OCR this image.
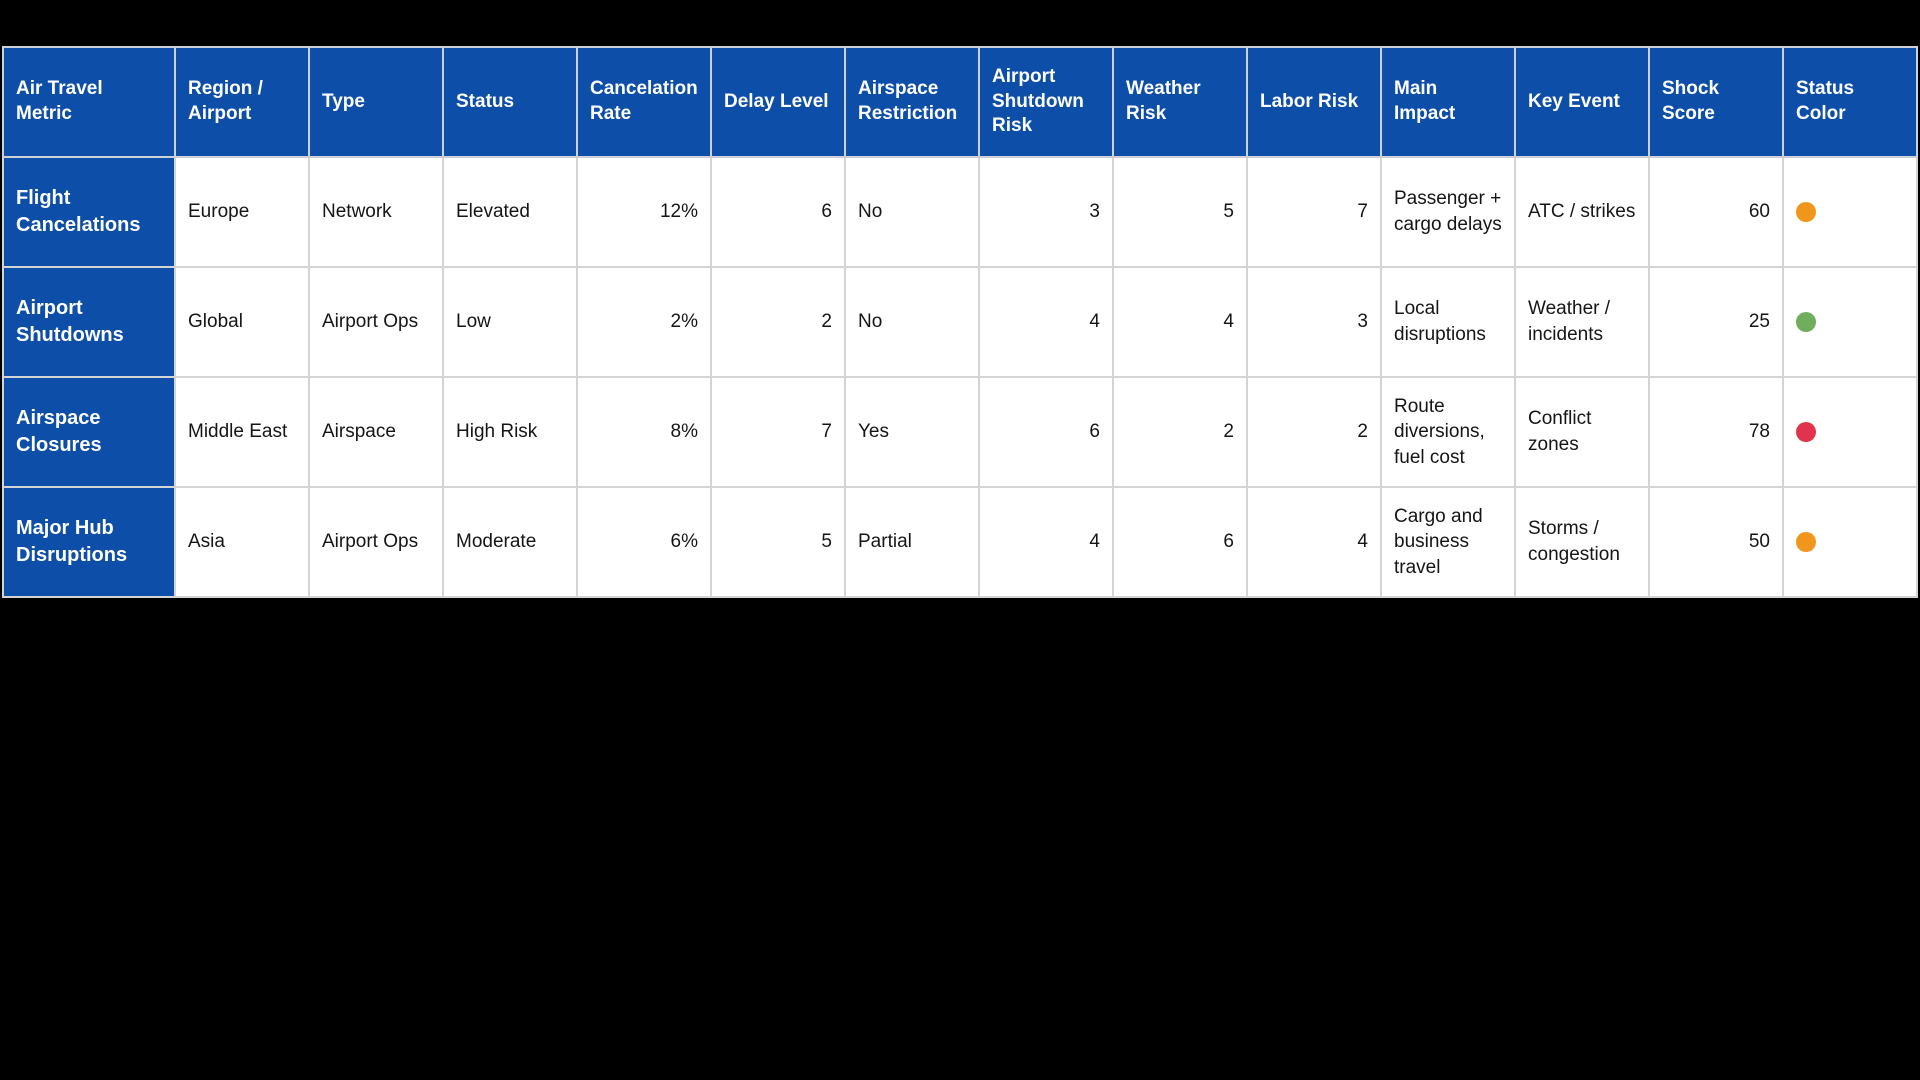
Air Travel Metric	Region / Airport	Type	Status	Cancelation Rate	Delay Level	Airspace Restriction	Airport Shutdown Risk	Weather Risk	Labor Risk	Main Impact	Key Event	Shock Score	Status Color
Flight Cancelations	Europe	Network	Elevated	12%	6	No	3	5	7	Passenger + cargo delays	ATC / strikes	60	
Airport Shutdowns	Global	Airport Ops	Low	2%	2	No	4	4	3	Local disruptions	Weather / incidents	25	
Airspace Closures	Middle East	Airspace	High Risk	8%	7	Yes	6	2	2	Route diversions, fuel cost	Conflict zones	78	
Major Hub Disruptions	Asia	Airport Ops	Moderate	6%	5	Partial	4	6	4	Cargo and business travel	Storms / congestion	50	
